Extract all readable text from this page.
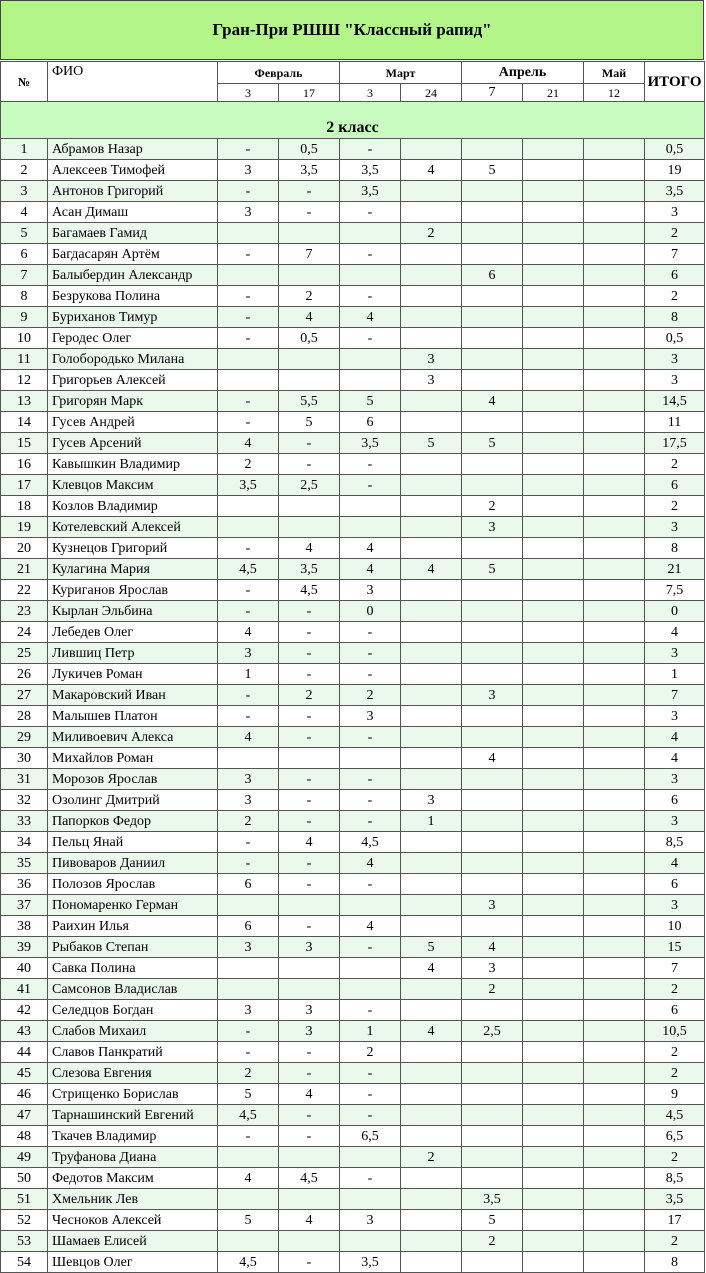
Гран-При РШШ "Классный рапид"
№	ФИО	Февраль		Март		Апрель		Май	ИТОГО
		3	17	3	24	7	21	12	
2 класс									
1	Абрамов Назар	-	0,5	-					0,5
2	Алексеев Тимофей	3	3,5	3,5	4	5			19
3	Антонов Григорий	-	-	3,5					3,5
4	Асан Димаш	3	-	-					3
5	Багамаев Гамид				2				2
6	Багдасарян Артём	-	7	-					7
7	Балыбердин Александр					6			6
8	Безрукова Полина	-	2	-					2
9	Буриханов Тимур	-	4	4					8
10	Геродес Олег	-	0,5	-					0,5
11	Голобородько Милана				3				3
12	Григорьев Алексей				3				3
13	Григорян Марк	-	5,5	5		4			14,5
14	Гусев Андрей	-	5	6					11
15	Гусев Арсений	4	-	3,5	5	5			17,5
16	Кавышкин Владимир	2	-	-					2
17	Клевцов Максим	3,5	2,5	-					6
18	Козлов Владимир					2			2
19	Котелевский Алексей					3			3
20	Кузнецов Григорий	-	4	4					8
21	Кулагина Мария	4,5	3,5	4	4	5			21
22	Куриганов Ярослав	-	4,5	3					7,5
23	Кырлан Эльбина	-	-	0					0
24	Лебедев Олег	4	-	-					4
25	Лившиц Петр	3	-	-					3
26	Лукичев Роман	1	-	-					1
27	Макаровский Иван	-	2	2		3			7
28	Малышев Платон	-	-	3					3
29	Миливоевич Алекса	4	-	-					4
30	Михайлов Роман					4			4
31	Морозов Ярослав	3	-	-					3
32	Озолинг Дмитрий	3	-	-	3				6
33	Папорков Федор	2	-	-	1				3
34	Пельц Янай	-	4	4,5					8,5
35	Пивоваров Даниил	-	-	4					4
36	Полозов Ярослав	6	-	-					6
37	Пономаренко Герман					3			3
38	Раихин Илья	6	-	4					10
39	Рыбаков Степан	3	3	-	5	4			15
40	Савка Полина				4	3			7
41	Самсонов Владислав					2			2
42	Селедцов Богдан	3	3	-					6
43	Слабов Михаил	-	3	1	4	2,5			10,5
44	Славов Панкратий	-	-	2					2
45	Слезова Евгения	2	-	-					2
46	Стрищенко Борислав	5	4	-					9
47	Тарнашинский Евгений	4,5	-	-					4,5
48	Ткачев Владимир	-	-	6,5					6,5
49	Труфанова Диана				2				2
50	Федотов Максим	4	4,5	-					8,5
51	Хмельник Лев					3,5			3,5
52	Чесноков Алексей	5	4	3		5			17
53	Шамаев Елисей					2			2
54	Шевцов Олег	4,5	-	3,5					8
